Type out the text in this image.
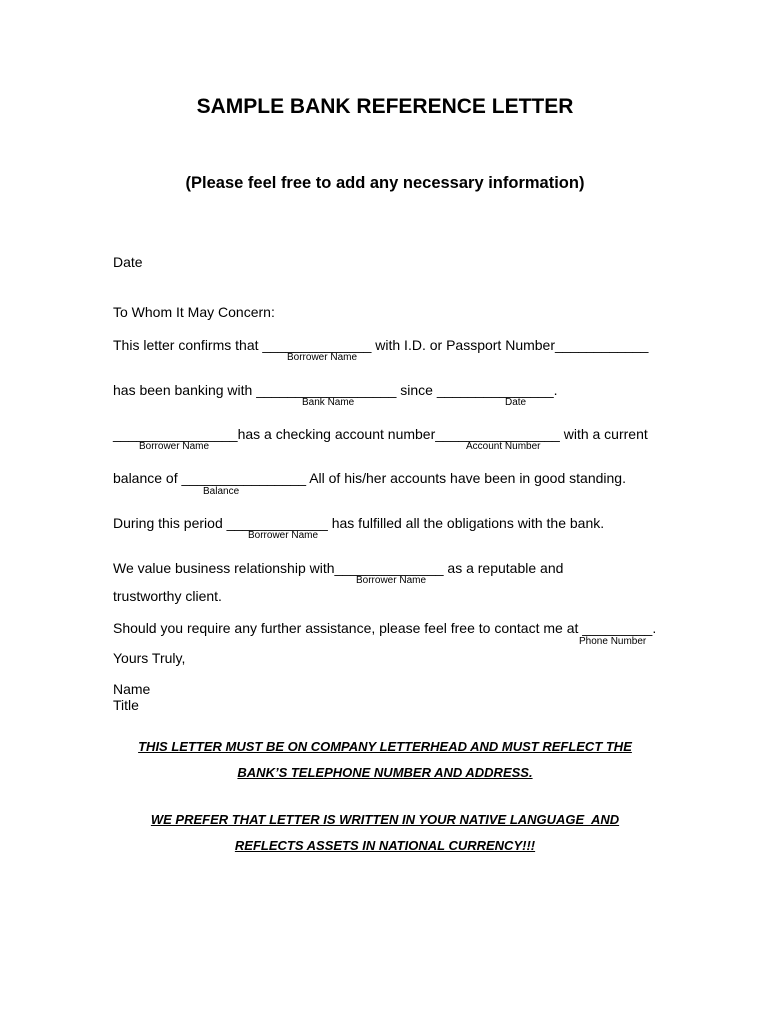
SAMPLE BANK REFERENCE LETTER
(Please feel free to add any necessary information)
Date
To Whom It May Concern:
This letter confirms that ______________ with I.D. or Passport Number____________
Borrower Name
has been banking with __________________ since _______________.
Bank Name	Date
________________has a checking account number________________ with a current
Borrower Name	Account Number
balance of ________________ All of his/her accounts have been in good standing.
Balance
During this period _____________ has fulfilled all the obligations with the bank.
Borrower Name
We value business relationship with______________ as a reputable and
Borrower Name
trustworthy client.
Should you require any further assistance, please feel free to contact me at _________.
Phone Number
Yours Truly,
Name
Title
THIS LETTER MUST BE ON COMPANY LETTERHEAD AND MUST REFLECT THE
BANK’S TELEPHONE NUMBER AND ADDRESS.
WE PREFER THAT LETTER IS WRITTEN IN YOUR NATIVE LANGUAGE  AND
REFLECTS ASSETS IN NATIONAL CURRENCY!!!
